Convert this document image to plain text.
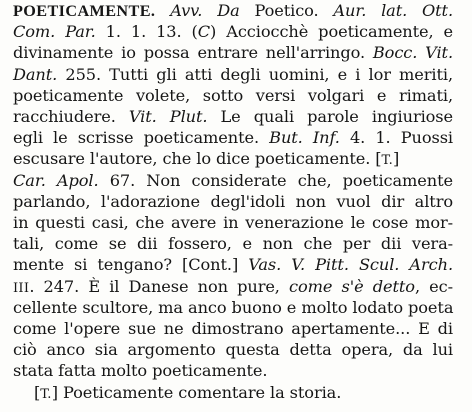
POETICAMENTE. Avv. Da Poetico. Aur. lat. Ott.
Com. Par. 1. 1. 13. (C) Acciocchè poeticamente, e
divinamente io possa entrare nell'arringo. Bocc. Vit.
Dant. 255. Tutti gli atti degli uomini, e i lor meriti,
poeticamente volete, sotto versi volgari e rimati,
racchiudere. Vit. Plut. Le quali parole ingiuriose
egli le scrisse poeticamente. But. Inf. 4. 1. Puossi
escusare l'autore, che lo dice poeticamente. [T.]
Car. Apol. 67. Non considerate che, poeticamente
parlando, l'adorazione degl'idoli non vuol dir altro
in questi casi, che avere in venerazione le cose mor-
tali, come se dii fossero, e non che per dii vera-
mente si tengano? [Cont.] Vas. V. Pitt. Scul. Arch.
III. 247. È il Danese non pure, come s'è detto, ec-
cellente scultore, ma anco buono e molto lodato poeta
come l'opere sue ne dimostrano apertamente... E di
ciò anco sia argomento questa detta opera, da lui
stata fatta molto poeticamente.
[T.] Poeticamente comentare la storia.
